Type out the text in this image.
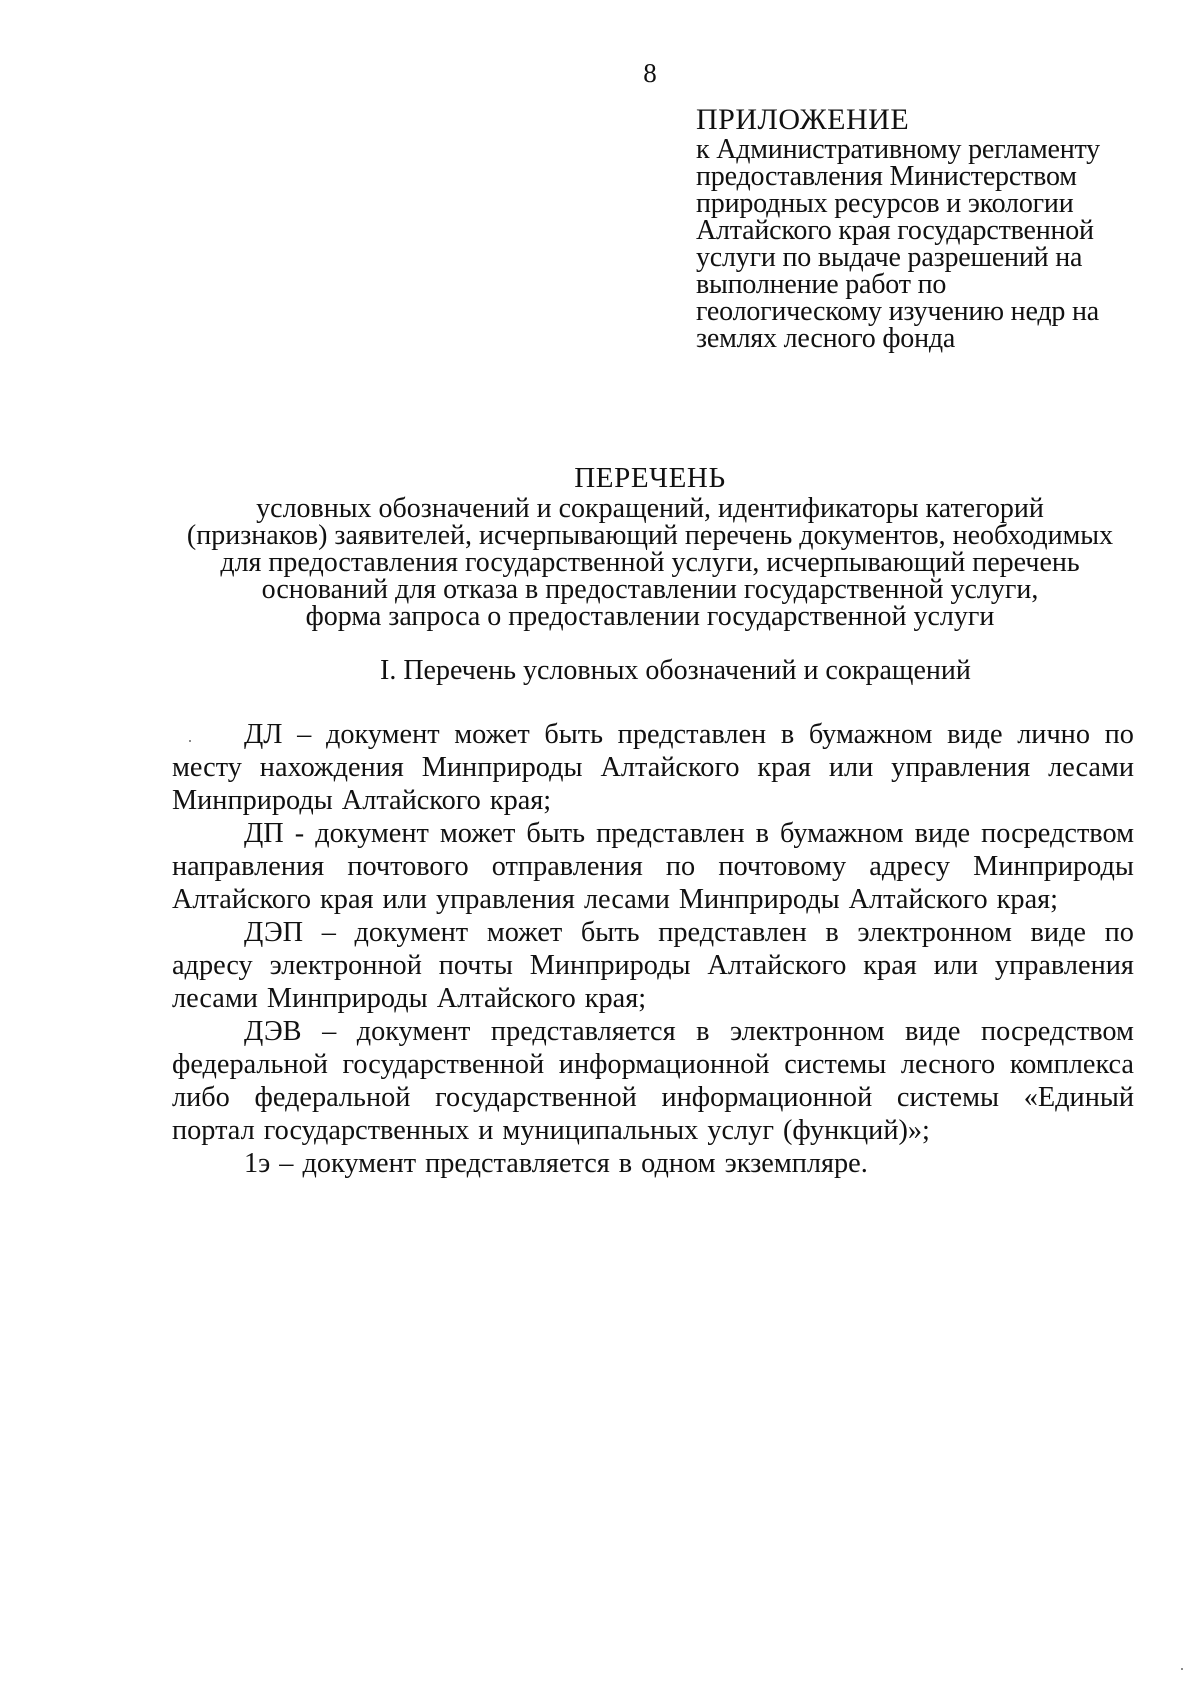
8
ПРИЛОЖЕНИЕ
к Административному регламенту
предоставления Министерством
природных ресурсов и экологии
Алтайского края государственной
услуги по выдаче разрешений на
выполнение работ по
геологическому изучению недр на
землях лесного фонда
ПЕРЕЧЕНЬ
условных обозначений и сокращений, идентификаторы категорий
(признаков) заявителей, исчерпывающий перечень документов, необходимых
для предоставления государственной услуги, исчерпывающий перечень
оснований для отказа в предоставлении государственной услуги,
форма запроса о предоставлении государственной услуги
I. Перечень условных обозначений и сокращений
ДЛ – документ может быть представлен в бумажном виде лично по
месту нахождения Минприроды Алтайского края или управления лесами
Минприроды Алтайского края;
ДП - документ может быть представлен в бумажном виде посредством
направления почтового отправления по почтовому адресу Минприроды
Алтайского края или управления лесами Минприроды Алтайского края;
ДЭП – документ может быть представлен в электронном виде по
адресу электронной почты Минприроды Алтайского края или управления
лесами Минприроды Алтайского края;
ДЭВ – документ представляется в электронном виде посредством
федеральной государственной информационной системы лесного комплекса
либо федеральной государственной информационной системы «Единый
портал государственных и муниципальных услуг (функций)»;
1э – документ представляется в одном экземпляре.
